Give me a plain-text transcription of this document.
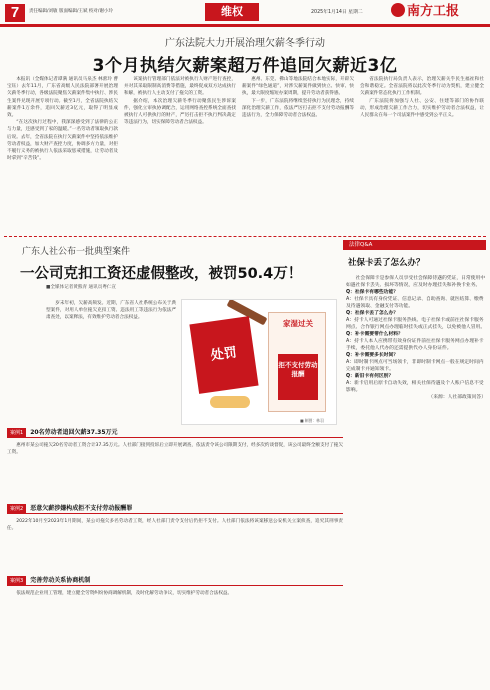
7	责任编辑/刘敏 版面编辑/王斌 校对/谢小玲	维权	2025年1月14日 星期二	南方工报
广东法院大力开展治理欠薪冬季行动
3个月执结欠薪案超万件追回欠薪近3亿

本报讯（全媒体记者谭满 通讯员马泉杰 林蕾玲 曹宝钰）去年11月，广东省高级人民法院部署开展治理欠薪冬季行动，各级法院聚焦欠薪案件集中执行、涉民生案件兑现开展专项行动。截至1月，全省法院执结欠薪案件1万余件，追回欠薪近3亿元，取得了明显成效。

“在这次执行过程中，我深深感受到了法律的公正与力量，还感受到了家的温暖。”一名劳动者领取执行款后说。去年，全省法院在执行欠薪案件中坚持依法维护劳动者权益，加大财产查控力度，协调多方力量，对拒不履行义务的被执行人依法采取惩戒措施，让劳动者及时拿到“辛苦钱”。

该案执行管理部门依法对被执行人财产进行查控，并对其采取限制高消费等措施，最终促成双方达成执行和解，被执行人主动支付了拖欠的工资。

据介绍，本次治理欠薪冬季行动聚焦民生涉诉案件，强化立审执协调配合，运用网络查控系统全面查找被执行人可供执行的财产，严厉打击拒不执行判决裁定等违法行为，切实保障劳动者合法权益。

惠州、东莞、佛山等地法院结合本地实际，开辟欠薪案件“绿色通道”，对涉欠薪案件做到快立、快审、快执，最大限度缩短办案周期，提升劳动者获得感。

下一步，广东法院将继续坚持执行为民理念，持续深化治理欠薪工作，依法严厉打击拒不支付劳动报酬等违法行为，全力保障劳动者合法权益。

省法院执行局负责人表示，治理欠薪关乎民生福祉和社会和谐稳定。全省法院将以此次冬季行动为契机，建立健全欠薪案件常态化执行工作机制。

广东法院将加强与人社、公安、住建等部门的协作联动，形成治理欠薪工作合力，切实维护劳动者合法权益，让人民群众在每一个司法案件中感受到公平正义。

广东人社公布一批典型案件
一公司克扣工资还虚假整改，被罚50.4万！
■全媒体记者黄熊青 通讯员粤仁宣

岁末年初，欠薪高频发。近期，广东省人社系统公布关于典型案件，对用人单位拖欠克扣工资、违法用工等违法行为依法严肃查处，以案释法，有效维护劳动者合法权益。

处罚
家湿过关
拒不支付劳动报酬
■ 制图：林羽
案例1 20名劳动者追回欠薪37.35万元

惠州市某公司拖欠20名劳动者工资合计37.35万元。人社部门接到投诉后立即开展调查，依法责令该公司限期支付，经多次约谈督促，该公司最终全额支付了拖欠工资。

案例2 恶意欠薪涉嫌构成拒不支付劳动报酬罪

2022年10月至2023年1月期间，某公司拖欠多名劳动者工资，经人社部门责令支付后仍拒不支付。人社部门依法将该案移送公安机关立案侦查，追究其刑事责任。

案例3 完善劳动关系协商机制

依法规范企业用工管理，建立健全劳资纠纷协商调解机制，及时化解劳动争议，切实维护劳动者合法权益。

法律Q&A
社保卡丢了怎么办？

社会保障卡是参保人员享受社会保障待遇的凭证，日常使用中如遇社保卡丢失、损坏等情况，应及时办理挂失和补换卡业务。

Q：社保卡有哪些功能？

A：社保卡具有身份凭证、信息记录、自助查询、就医结算、缴费及待遇领取、金融支付等功能。

Q：社保卡丢了怎么办？

A：持卡人可通过社保卡服务热线、电子社保卡或前往社保卡服务网点、合作银行网点办理临时挂失或正式挂失，以免被他人冒用。

Q：补卡需要带什么材料？

A：持卡人本人应携带有效身份证件前往社保卡服务网点办理补卡手续，委托他人代办的还需提供代办人身份证件。

Q：补卡需要多长时间？

A：即时制卡网点可当场领卡，非即时制卡网点一般在规定时间内完成制卡并通知领卡。

Q：新旧卡有何区别？

A：新卡启用后原卡自动失效，相关社保待遇及个人账户信息不受影响。

（来源：人社部政策问答）
